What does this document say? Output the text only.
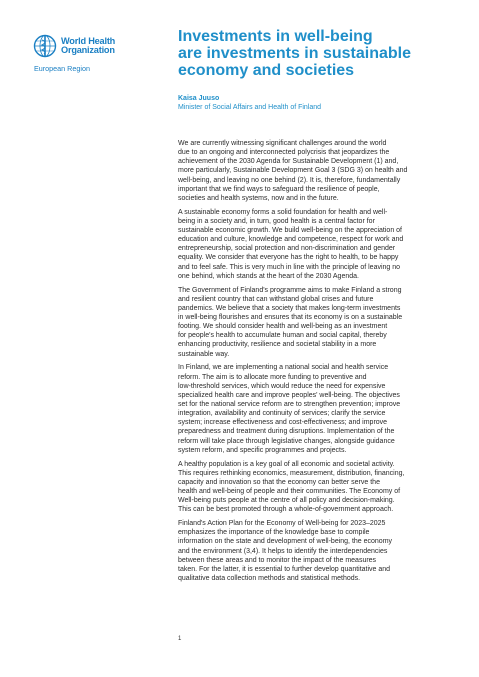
World Health
Organization
European Region
Investments in well-being
are investments in sustainable
economy and societies
Kaisa Juuso
Minister of Social Affairs and Health of Finland

We are currently witnessing significant challenges around the world
due to an ongoing and interconnected polycrisis that jeopardizes the
achievement of the 2030 Agenda for Sustainable Development (1) and,
more particularly, Sustainable Development Goal 3 (SDG 3) on health and
well-being, and leaving no one behind (2). It is, therefore, fundamentally
important that we find ways to safeguard the resilience of people,
societies and health systems, now and in the future.

A sustainable economy forms a solid foundation for health and well-
being in a society and, in turn, good health is a central factor for
sustainable economic growth. We build well-being on the appreciation of
education and culture, knowledge and competence, respect for work and
entrepreneurship, social protection and non-discrimination and gender
equality. We consider that everyone has the right to health, to be happy
and to feel safe. This is very much in line with the principle of leaving no
one behind, which stands at the heart of the 2030 Agenda.

The Government of Finland's programme aims to make Finland a strong
and resilient country that can withstand global crises and future
pandemics. We believe that a society that makes long-term investments
in well-being flourishes and ensures that its economy is on a sustainable
footing. We should consider health and well-being as an investment
for people's health to accumulate human and social capital, thereby
enhancing productivity, resilience and societal stability in a more
sustainable way.

In Finland, we are implementing a national social and health service
reform. The aim is to allocate more funding to preventive and
low-threshold services, which would reduce the need for expensive
specialized health care and improve peoples' well-being. The objectives
set for the national service reform are to strengthen prevention; improve
integration, availability and continuity of services; clarify the service
system; increase effectiveness and cost-effectiveness; and improve
preparedness and treatment during disruptions. Implementation of the
reform will take place through legislative changes, alongside guidance
system reform, and specific programmes and projects.

A healthy population is a key goal of all economic and societal activity.
This requires rethinking economics, measurement, distribution, financing,
capacity and innovation so that the economy can better serve the
health and well-being of people and their communities. The Economy of
Well-being puts people at the centre of all policy and decision-making.
This can be best promoted through a whole-of-government approach.

Finland's Action Plan for the Economy of Well-being for 2023–2025
emphasizes the importance of the knowledge base to compile
information on the state and development of well-being, the economy
and the environment (3,4). It helps to identify the interdependencies
between these areas and to monitor the impact of the measures
taken. For the latter, it is essential to further develop quantitative and
qualitative data collection methods and statistical methods.

1
